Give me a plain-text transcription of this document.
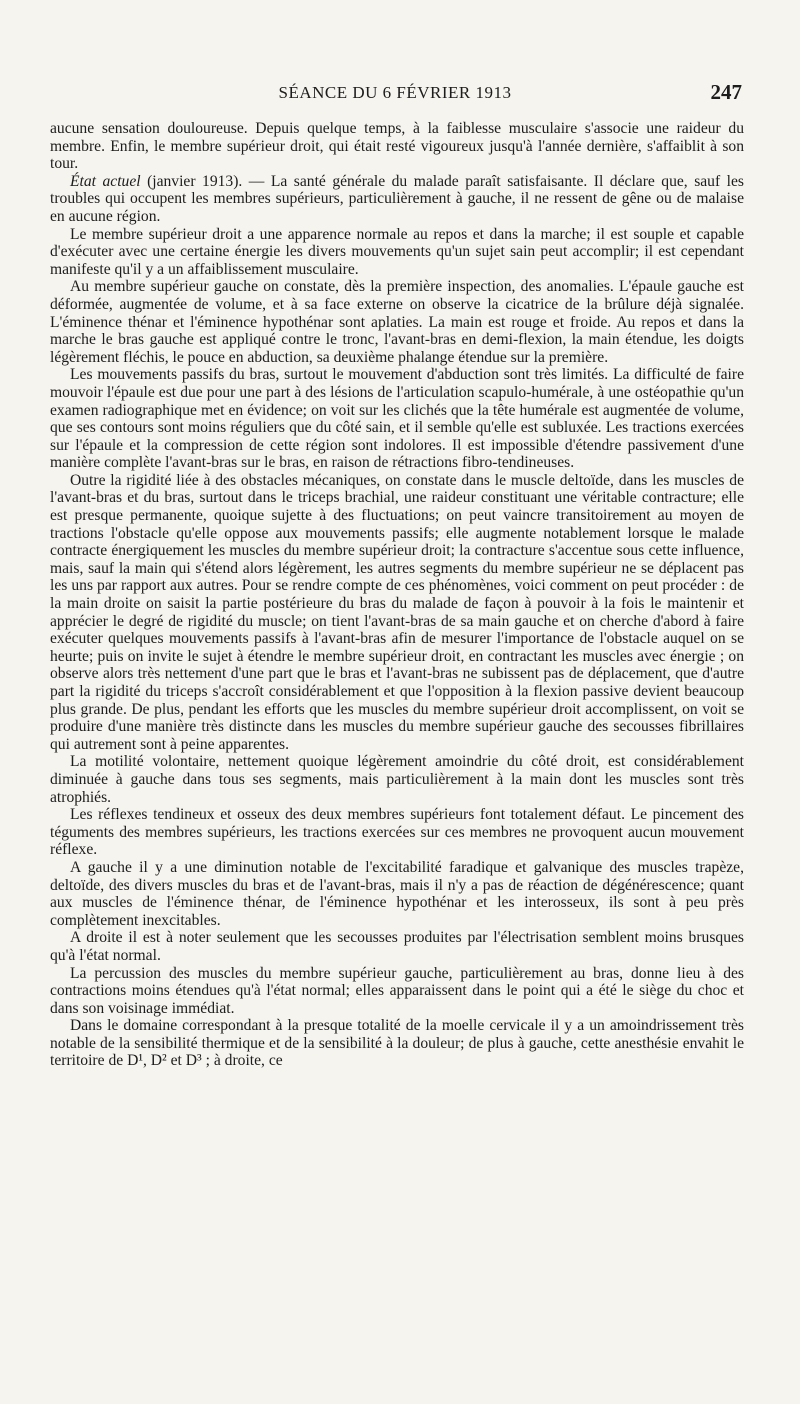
SÉANCE DU 6 FÉVRIER 1913	247

aucune sensation douloureuse. Depuis quelque temps, à la faiblesse musculaire s'associe une raideur du membre. Enfin, le membre supérieur droit, qui était resté vigoureux jusqu'à l'année dernière, s'affaiblit à son tour.

État actuel (janvier 1913). — La santé générale du malade paraît satisfaisante. Il déclare que, sauf les troubles qui occupent les membres supérieurs, particulièrement à gauche, il ne ressent de gêne ou de malaise en aucune région.

Le membre supérieur droit a une apparence normale au repos et dans la marche; il est souple et capable d'exécuter avec une certaine énergie les divers mouvements qu'un sujet sain peut accomplir; il est cependant manifeste qu'il y a un affaiblissement musculaire.

Au membre supérieur gauche on constate, dès la première inspection, des anomalies. L'épaule gauche est déformée, augmentée de volume, et à sa face externe on observe la cicatrice de la brûlure déjà signalée. L'éminence thénar et l'éminence hypothénar sont aplaties. La main est rouge et froide. Au repos et dans la marche le bras gauche est appliqué contre le tronc, l'avant-bras en demi-flexion, la main étendue, les doigts légèrement fléchis, le pouce en abduction, sa deuxième phalange étendue sur la première.

Les mouvements passifs du bras, surtout le mouvement d'abduction sont très limités. La difficulté de faire mouvoir l'épaule est due pour une part à des lésions de l'articulation scapulo-humérale, à une ostéopathie qu'un examen radiographique met en évidence; on voit sur les clichés que la tête humérale est augmentée de volume, que ses contours sont moins réguliers que du côté sain, et il semble qu'elle est subluxée. Les tractions exercées sur l'épaule et la compression de cette région sont indolores. Il est impossible d'étendre passivement d'une manière complète l'avant-bras sur le bras, en raison de rétractions fibro-tendineuses.

Outre la rigidité liée à des obstacles mécaniques, on constate dans le muscle deltoïde, dans les muscles de l'avant-bras et du bras, surtout dans le triceps brachial, une raideur constituant une véritable contracture; elle est presque permanente, quoique sujette à des fluctuations; on peut vaincre transitoirement au moyen de tractions l'obstacle qu'elle oppose aux mouvements passifs; elle augmente notablement lorsque le malade contracte énergiquement les muscles du membre supérieur droit; la contracture s'accentue sous cette influence, mais, sauf la main qui s'étend alors légèrement, les autres segments du membre supérieur ne se déplacent pas les uns par rapport aux autres. Pour se rendre compte de ces phénomènes, voici comment on peut procéder : de la main droite on saisit la partie postérieure du bras du malade de façon à pouvoir à la fois le maintenir et apprécier le degré de rigidité du muscle; on tient l'avant-bras de sa main gauche et on cherche d'abord à faire exécuter quelques mouvements passifs à l'avant-bras afin de mesurer l'importance de l'obstacle auquel on se heurte; puis on invite le sujet à étendre le membre supérieur droit, en contractant les muscles avec énergie ; on observe alors très nettement d'une part que le bras et l'avant-bras ne subissent pas de déplacement, que d'autre part la rigidité du triceps s'accroît considérablement et que l'opposition à la flexion passive devient beaucoup plus grande. De plus, pendant les efforts que les muscles du membre supérieur droit accomplissent, on voit se produire d'une manière très distincte dans les muscles du membre supérieur gauche des secousses fibrillaires qui autrement sont à peine apparentes.

La motilité volontaire, nettement quoique légèrement amoindrie du côté droit, est considérablement diminuée à gauche dans tous ses segments, mais particulièrement à la main dont les muscles sont très atrophiés.

Les réflexes tendineux et osseux des deux membres supérieurs font totalement défaut. Le pincement des téguments des membres supérieurs, les tractions exercées sur ces membres ne provoquent aucun mouvement réflexe.

A gauche il y a une diminution notable de l'excitabilité faradique et galvanique des muscles trapèze, deltoïde, des divers muscles du bras et de l'avant-bras, mais il n'y a pas de réaction de dégénérescence; quant aux muscles de l'éminence thénar, de l'éminence hypothénar et les interosseux, ils sont à peu près complètement inexcitables.

A droite il est à noter seulement que les secousses produites par l'électrisation semblent moins brusques qu'à l'état normal.

La percussion des muscles du membre supérieur gauche, particulièrement au bras, donne lieu à des contractions moins étendues qu'à l'état normal; elles apparaissent dans le point qui a été le siège du choc et dans son voisinage immédiat.

Dans le domaine correspondant à la presque totalité de la moelle cervicale il y a un amoindrissement très notable de la sensibilité thermique et de la sensibilité à la douleur; de plus à gauche, cette anesthésie envahit le territoire de D¹, D² et D³ ; à droite, ce
